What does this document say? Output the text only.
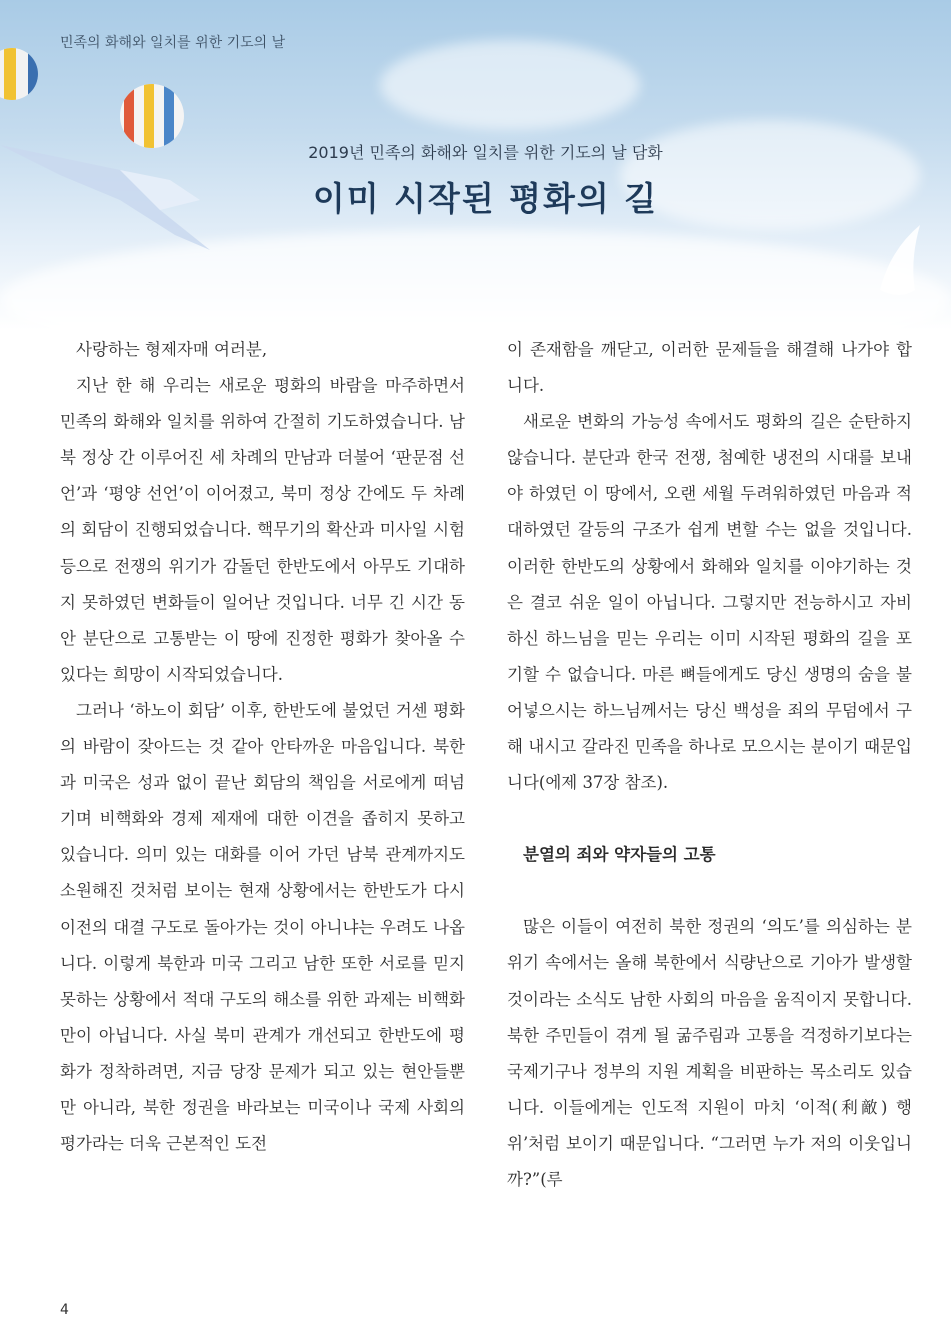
민족의 화해와 일치를 위한 기도의 날
2019년 민족의 화해와 일치를 위한 기도의 날 담화
이미 시작된 평화의 길

사랑하는 형제자매 여러분,

지난 한 해 우리는 새로운 평화의 바람을 마주하면서 민족의 화해와 일치를 위하여 간절히 기도하였습니다. 남북 정상 간 이루어진 세 차례의 만남과 더불어 ‘판문점 선언’과 ‘평양 선언’이 이어졌고, 북미 정상 간에도 두 차례의 회담이 진행되었습니다. 핵무기의 확산과 미사일 시험 등으로 전쟁의 위기가 감돌던 한반도에서 아무도 기대하지 못하였던 변화들이 일어난 것입니다. 너무 긴 시간 동안 분단으로 고통받는 이 땅에 진정한 평화가 찾아올 수 있다는 희망이 시작되었습니다.

그러나 ‘하노이 회담’ 이후, 한반도에 불었던 거센 평화의 바람이 잦아드는 것 같아 안타까운 마음입니다. 북한과 미국은 성과 없이 끝난 회담의 책임을 서로에게 떠넘기며 비핵화와 경제 제재에 대한 이견을 좁히지 못하고 있습니다. 의미 있는 대화를 이어 가던 남북 관계까지도 소원해진 것처럼 보이는 현재 상황에서는 한반도가 다시 이전의 대결 구도로 돌아가는 것이 아니냐는 우려도 나옵니다. 이렇게 북한과 미국 그리고 남한 또한 서로를 믿지 못하는 상황에서 적대 구도의 해소를 위한 과제는 비핵화만이 아닙니다. 사실 북미 관계가 개선되고 한반도에 평화가 정착하려면, 지금 당장 문제가 되고 있는 현안들뿐만 아니라, 북한 정권을 바라보는 미국이나 국제 사회의 평가라는 더욱 근본적인 도전

이 존재함을 깨닫고, 이러한 문제들을 해결해 나가야 합니다.

새로운 변화의 가능성 속에서도 평화의 길은 순탄하지 않습니다. 분단과 한국 전쟁, 첨예한 냉전의 시대를 보내야 하였던 이 땅에서, 오랜 세월 두려워하였던 마음과 적대하였던 갈등의 구조가 쉽게 변할 수는 없을 것입니다. 이러한 한반도의 상황에서 화해와 일치를 이야기하는 것은 결코 쉬운 일이 아닙니다. 그렇지만 전능하시고 자비하신 하느님을 믿는 우리는 이미 시작된 평화의 길을 포기할 수 없습니다. 마른 뼈들에게도 당신 생명의 숨을 불어넣으시는 하느님께서는 당신 백성을 죄의 무덤에서 구해 내시고 갈라진 민족을 하나로 모으시는 분이기 때문입니다(에제 37장 참조).

분열의 죄와 약자들의 고통

많은 이들이 여전히 북한 정권의 ‘의도’를 의심하는 분위기 속에서는 올해 북한에서 식량난으로 기아가 발생할 것이라는 소식도 남한 사회의 마음을 움직이지 못합니다. 북한 주민들이 겪게 될 굶주림과 고통을 걱정하기보다는 국제기구나 정부의 지원 계획을 비판하는 목소리도 있습니다. 이들에게는 인도적 지원이 마치 ‘이적(利敵) 행위’처럼 보이기 때문입니다. “그러면 누가 저의 이웃입니까?”(루

4
